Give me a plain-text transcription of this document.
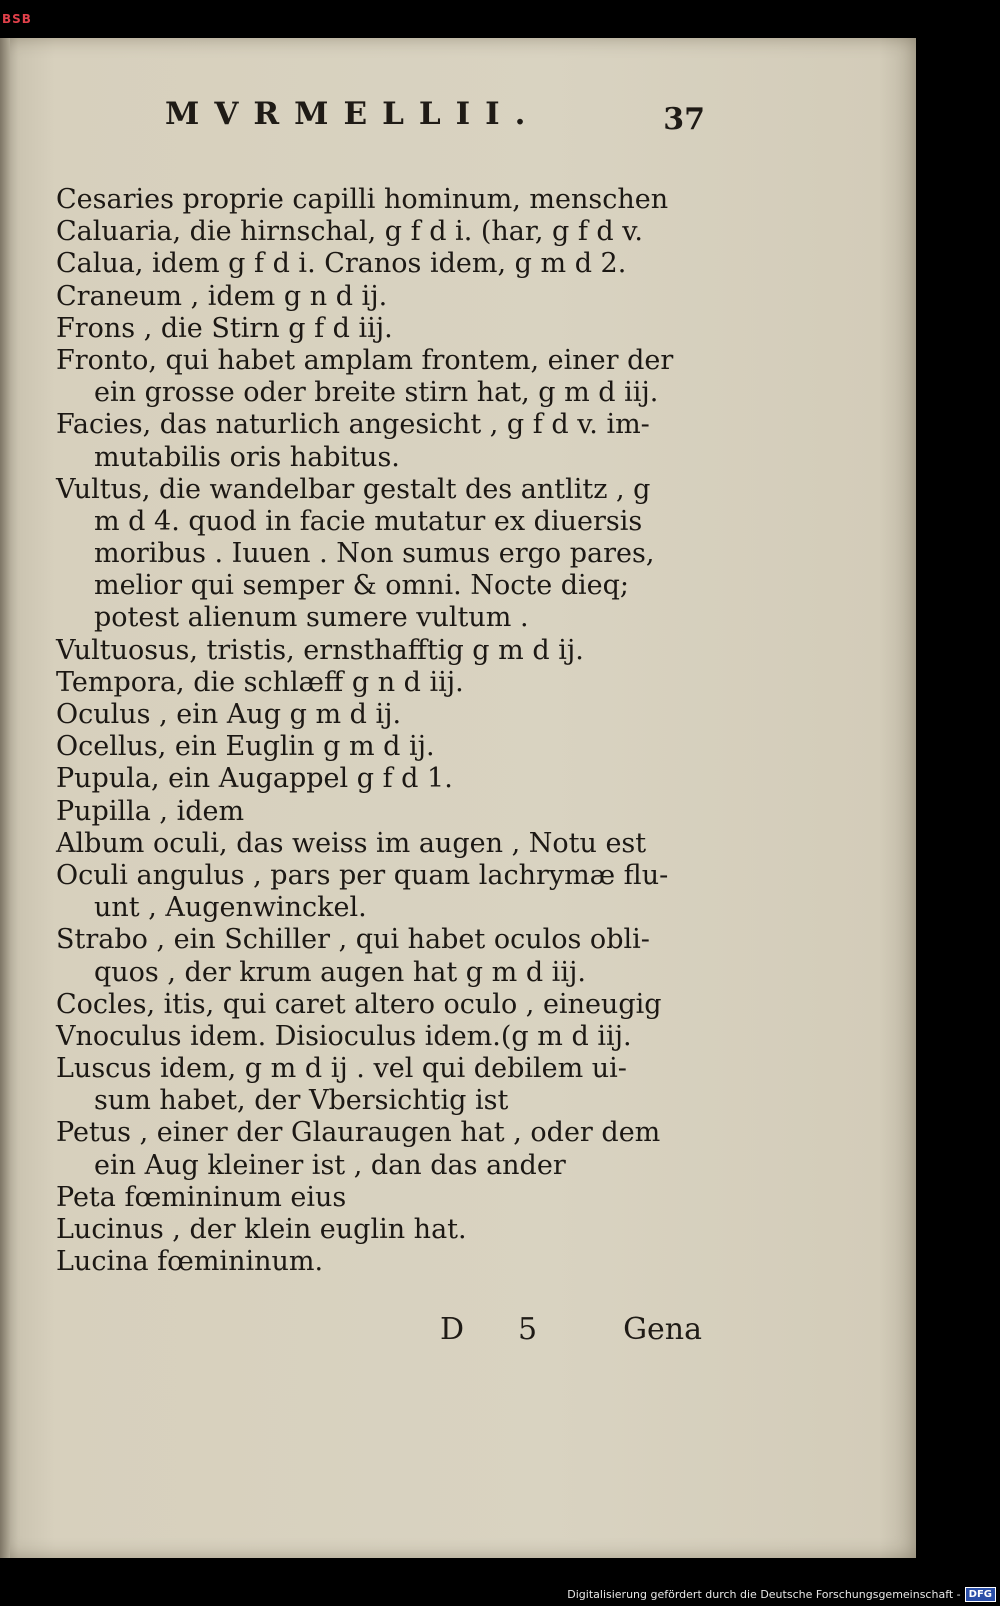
BSB
MVRMELLII.	37
Cesaries proprie capilli hominum, menschen
Caluaria, die hirnschal, g f d i. (har, g f d v.
Calua, idem g f d i. Cranos idem, g m d 2.
Craneum , idem g n d ij.
Frons , die Stirn g f d iij.
Fronto, qui habet amplam frontem, einer der
ein grosse oder breite stirn hat, g m d iij.
Facies, das naturlich angesicht , g f d v. im-
mutabilis oris habitus.
Vultus, die wandelbar gestalt des antlitz , g
m d 4. quod in facie mutatur ex diuersis
moribus . Iuuen . Non sumus ergo pares,
melior qui semper & omni. Nocte dieq;
potest alienum sumere vultum .
Vultuosus, tristis, ernsthafftig g m d ij.
Tempora, die schlæff g n d iij.
Oculus , ein Aug g m d ij.
Ocellus, ein Euglin g m d ij.
Pupula, ein Augappel g f d 1.
Pupilla , idem
Album oculi, das weiss im augen , Notu est
Oculi angulus , pars per quam lachrymæ flu-
unt , Augenwinckel.
Strabo , ein Schiller , qui habet oculos obli-
quos , der krum augen hat g m d iij.
Cocles, itis, qui caret altero oculo , eineugig
Vnoculus idem. Disioculus idem.(g m d iij.
Luscus idem, g m d ij . vel qui debilem ui-
sum habet, der Vbersichtig ist
Petus , einer der Glauraugen hat , oder dem
ein Aug kleiner ist , dan das ander
Peta fœmininum eius
Lucinus , der klein euglin hat.
Lucina fœmininum.
D 5	Gena
Digitalisierung gefördert durch die Deutsche Forschungsgemeinschaft - DFG
